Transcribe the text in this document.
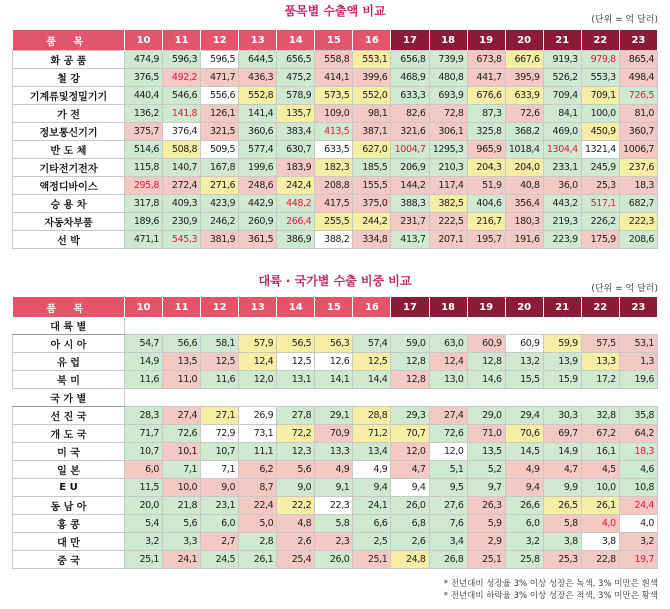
품목별 수출액 비교
(단위 = 억 달러)
품 목	10	11	12	13	14	15	16	17	18	19	20	21	22	23
화 공 품	474,9	596,3	596,5	644,5	656,5	558,8	553,1	656,8	739,9	673,8	667,6	919,3	979,8	865,4
철 강	376,5	492,2	471,7	436,3	475,2	414,1	399,6	468,9	480,8	441,7	395,9	526,2	553,3	498,4
기계류및정밀기기	440,4	546,6	556,6	552,8	578,9	573,5	552,0	633,3	693,9	676,6	633,9	709,4	709,1	726,5
가 전	136,2	141,8	126,1	141,4	135,7	109,0	98,1	82,6	72,8	87,3	72,6	84,1	100,0	81,0
정보통신기기	375,7	376,4	321,5	360,6	383,4	413,5	387,1	321,6	306,1	325,8	368,2	469,0	450,9	360,7
반 도 체	514,6	508,8	509,5	577,4	630,7	633,5	627,0	1004,7	1295,3	965,9	1018,4	1304,4	1321,4	1006,7
기타전기전자	115,8	140,7	167,8	199,6	183,9	182,3	185,5	206,9	210,3	204,3	204,0	233,1	245,9	237,6
액정디바이스	295,8	272,4	271,6	248,6	242,4	208,8	155,5	144,2	117,4	51,9	40,8	36,0	25,3	18,3
승 용 차	317,8	409,3	423,9	442,9	448,2	417,5	375,0	388,3	382,5	404,6	356,4	443,2	517,1	682,7
자동차부품	189,6	230,9	246,2	260,9	266,4	255,5	244,2	231,7	222,5	216,7	180,3	219,3	226,2	222,3
선 박	471,1	545,3	381,9	361,5	386,9	388,2	334,8	413,7	207,1	195,7	191,6	223,9	175,9	208,6
대륙 · 국가별 수출 비중 비교
(단위 = 억 달러)
품 목	10	11	12	13	14	15	16	17	18	19	20	21	22	23
대 륙 별														
아 시 아	54,7	56,6	58,1	57,9	56,5	56,3	57,4	59,0	63,0	60,9	60,9	59,9	57,5	53,1
유 럽	14,9	13,5	12,5	12,4	12,5	12,6	12,5	12,8	12,4	12,8	13,2	13,9	13,3	1,3
북 미	11,6	11,0	11,6	12,0	13,1	14,1	14,4	12,8	13,0	14,6	15,5	15,9	17,2	19,6
국 가 별														
선 진 국	28,3	27,4	27,1	26,9	27,8	29,1	28,8	29,3	27,4	29,0	29,4	30,3	32,8	35,8
개 도 국	71,7	72,6	72,9	73,1	72,2	70,9	71,2	70,7	72,6	71,0	70,6	69,7	67,2	64,2
미 국	10,7	10,1	10,7	11,1	12,3	13,3	13,4	12,0	12,0	13,5	14,5	14,9	16,1	18,3
일 본	6,0	7,1	7,1	6,2	5,6	4,9	4,9	4,7	5,1	5,2	4,9	4,7	4,5	4,6
E U	11,5	10,0	9,0	8,7	9,0	9,1	9,4	9,4	9,5	9,7	9,4	9,9	10,0	10,8
동 남 아	20,0	21,8	23,1	22,4	22,2	22,3	24,1	26,0	27,6	26,3	26,6	26,5	26,1	24,4
홍 콩	5,4	5,6	6,0	5,0	4,8	5,8	6,6	6,8	7,6	5,9	6,0	5,8	4,0	4,0
대 만	3,2	3,3	2,7	2,8	2,6	2,3	2,5	2,6	3,4	2,9	3,2	3,8	3,8	3,2
중 국	25,1	24,1	24,5	26,1	25,4	26,0	25,1	24,8	26,8	25,1	25,8	25,3	22,8	19,7
* 전년대비 성장율 3% 이상 성장은 녹색, 3% 미만은 흰색
* 전년대비 하락율 3% 이상 성장은 적색, 3% 미만은 황색
